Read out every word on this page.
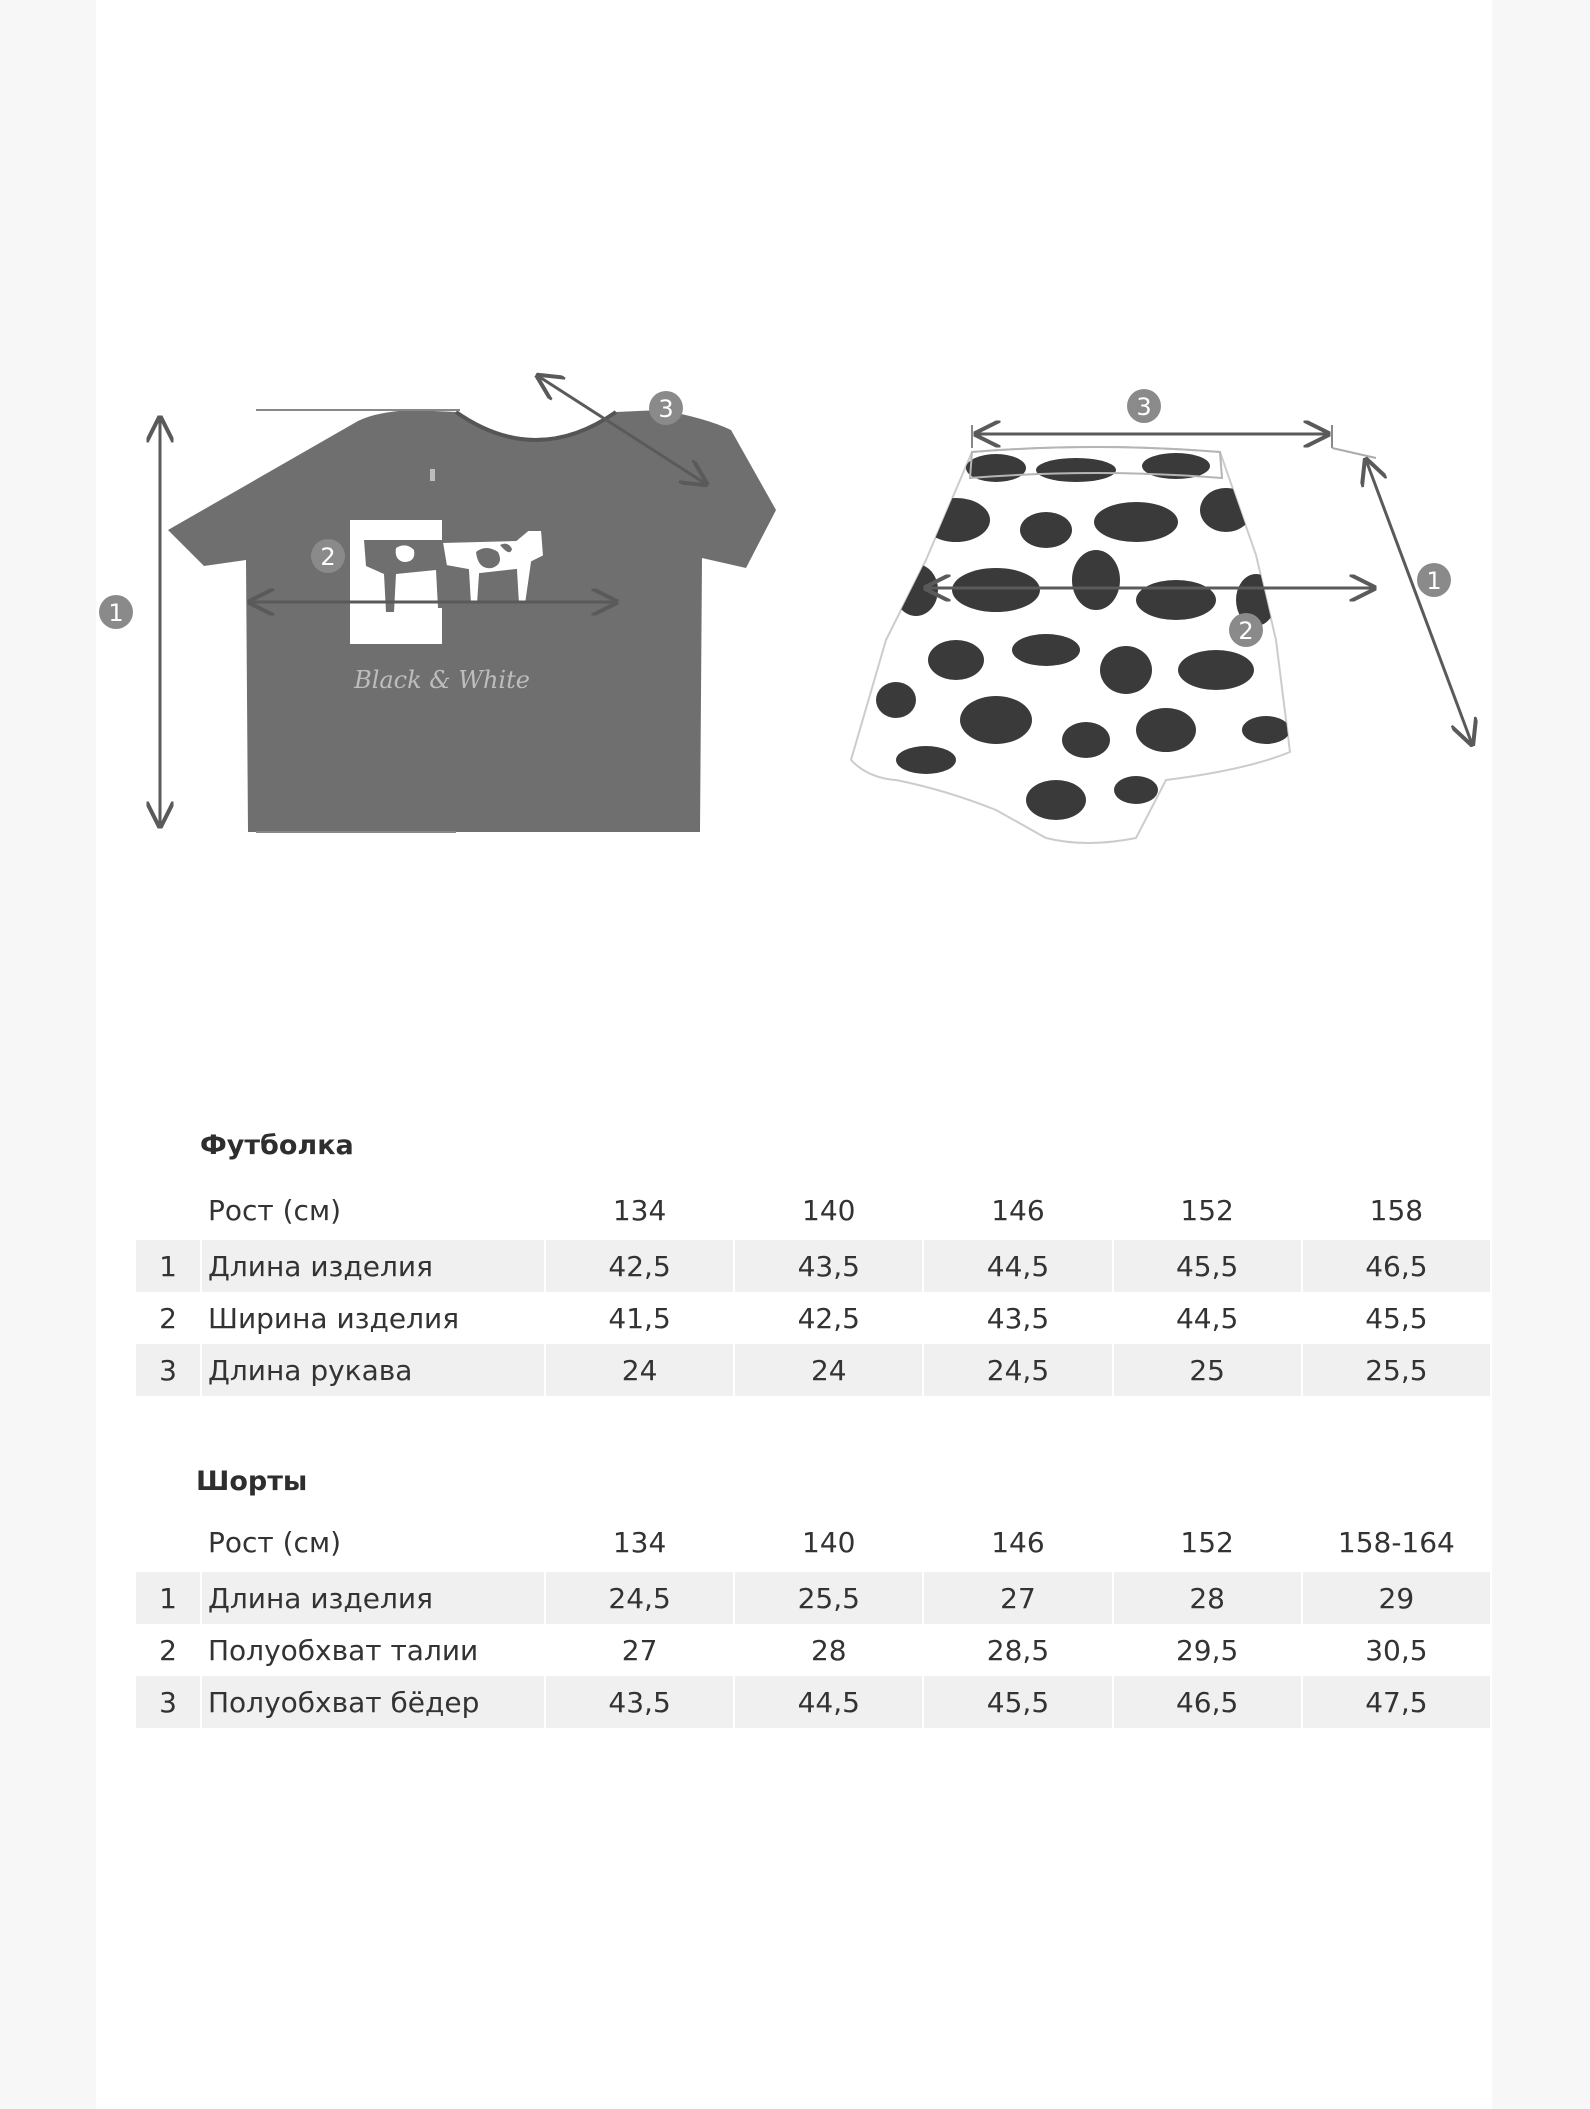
Black & White
1
2
3	3
2
1
Футболка
	Рост (см)	134	140	146	152	158
1	Длина изделия	42,5	43,5	44,5	45,5	46,5
2	Ширина изделия	41,5	42,5	43,5	44,5	45,5
3	Длина рукава	24	24	24,5	25	25,5
Шорты
	Рост (см)	134	140	146	152	158-164
1	Длина изделия	24,5	25,5	27	28	29
2	Полуобхват талии	27	28	28,5	29,5	30,5
3	Полуобхват бёдер	43,5	44,5	45,5	46,5	47,5
